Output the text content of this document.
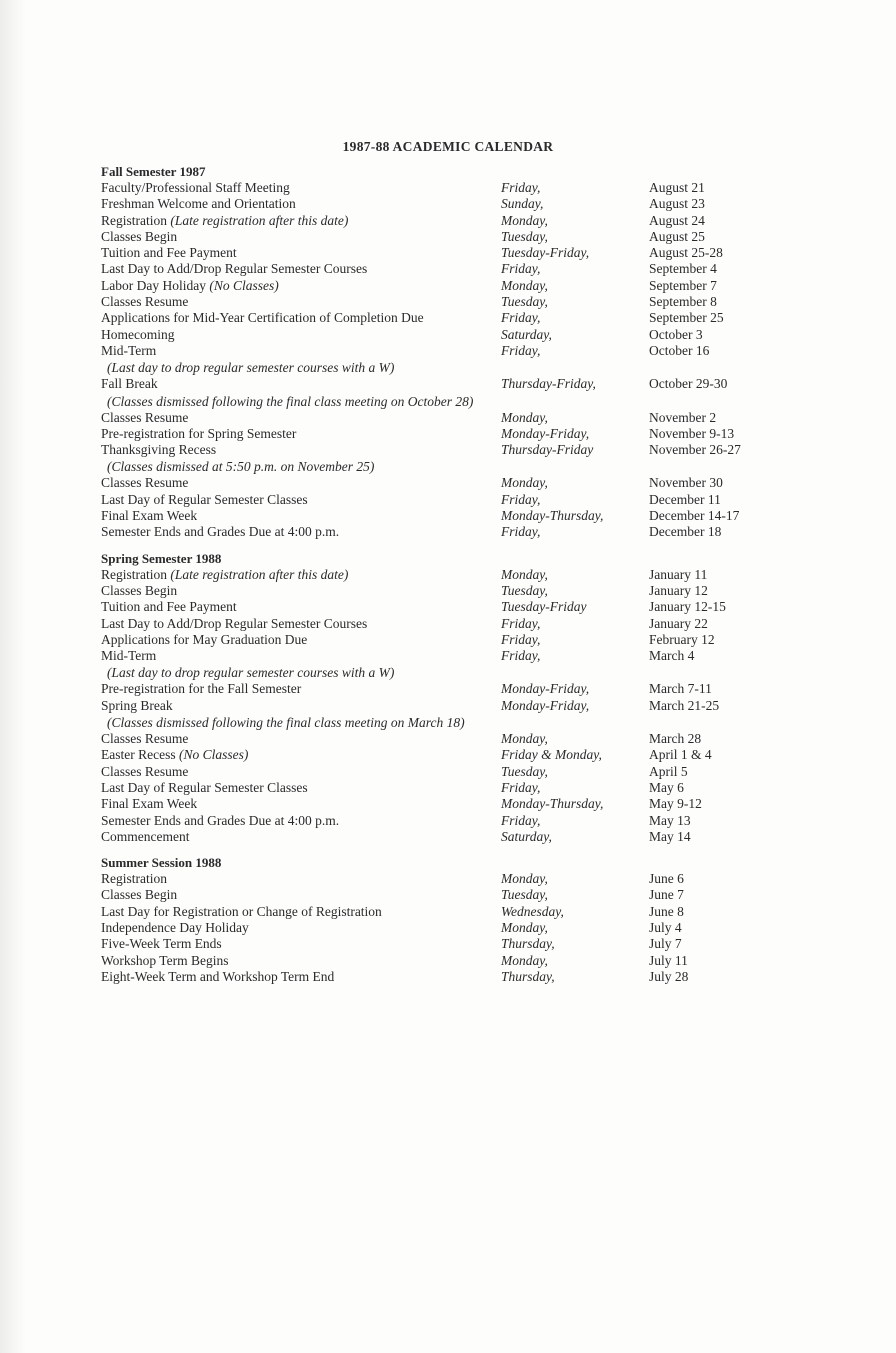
1987-88 ACADEMIC CALENDAR
Fall Semester 1987
Faculty/Professional Staff Meeting	Friday,	August 21
Freshman Welcome and Orientation	Sunday,	August 23
Registration (Late registration after this date)	Monday,	August 24
Classes Begin	Tuesday,	August 25
Tuition and Fee Payment	Tuesday-Friday,	August 25-28
Last Day to Add/Drop Regular Semester Courses	Friday,	September 4
Labor Day Holiday (No Classes)	Monday,	September 7
Classes Resume	Tuesday,	September 8
Applications for Mid-Year Certification of Completion Due	Friday,	September 25
Homecoming	Saturday,	October 3
Mid-Term	Friday,	October 16
(Last day to drop regular semester courses with a W)
Fall Break	Thursday-Friday,	October 29-30
(Classes dismissed following the final class meeting on October 28)
Classes Resume	Monday,	November 2
Pre-registration for Spring Semester	Monday-Friday,	November 9-13
Thanksgiving Recess	Thursday-Friday	November 26-27
(Classes dismissed at 5:50 p.m. on November 25)
Classes Resume	Monday,	November 30
Last Day of Regular Semester Classes	Friday,	December 11
Final Exam Week	Monday-Thursday,	December 14-17
Semester Ends and Grades Due at 4:00 p.m.	Friday,	December 18
Spring Semester 1988
Registration (Late registration after this date)	Monday,	January 11
Classes Begin	Tuesday,	January 12
Tuition and Fee Payment	Tuesday-Friday	January 12-15
Last Day to Add/Drop Regular Semester Courses	Friday,	January 22
Applications for May Graduation Due	Friday,	February 12
Mid-Term	Friday,	March 4
(Last day to drop regular semester courses with a W)
Pre-registration for the Fall Semester	Monday-Friday,	March 7-11
Spring Break	Monday-Friday,	March 21-25
(Classes dismissed following the final class meeting on March 18)
Classes Resume	Monday,	March 28
Easter Recess (No Classes)	Friday & Monday,	April 1 & 4
Classes Resume	Tuesday,	April 5
Last Day of Regular Semester Classes	Friday,	May 6
Final Exam Week	Monday-Thursday,	May 9-12
Semester Ends and Grades Due at 4:00 p.m.	Friday,	May 13
Commencement	Saturday,	May 14
Summer Session 1988
Registration	Monday,	June 6
Classes Begin	Tuesday,	June 7
Last Day for Registration or Change of Registration	Wednesday,	June 8
Independence Day Holiday	Monday,	July 4
Five-Week Term Ends	Thursday,	July 7
Workshop Term Begins	Monday,	July 11
Eight-Week Term and Workshop Term End	Thursday,	July 28
